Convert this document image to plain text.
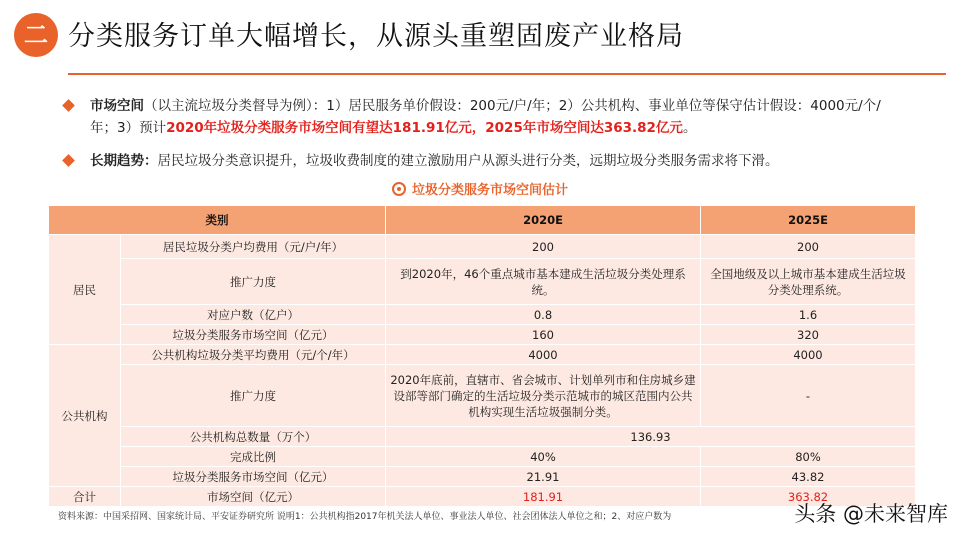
二 分类服务订单大幅增长，从源头重塑固废产业格局
市场空间（以主流垃圾分类督导为例）：1）居民服务单价假设：200元/户/年；2）公共机构、事业单位等保守估计假设：4000元/个/年；3）预计2020年垃圾分类服务市场空间有望达181.91亿元，2025年市场空间达363.82亿元。
长期趋势：居民垃圾分类意识提升，垃圾收费制度的建立激励用户从源头进行分类，远期垃圾分类服务需求将下滑。
垃圾分类服务市场空间估计
类别		2020E	2025E
居民	居民垃圾分类户均费用（元/户/年）	200	200
	推广力度	到2020年，46个重点城市基本建成生活垃圾分类处理系统。	全国地级及以上城市基本建成生活垃圾分类处理系统。
	对应户数（亿户）	0.8	1.6
	垃圾分类服务市场空间（亿元）	160	320
公共机构	公共机构垃圾分类平均费用（元/个/年）	4000	4000
	推广力度	2020年底前，直辖市、省会城市、计划单列市和住房城乡建设部等部门确定的生活垃圾分类示范城市的城区范围内公共机构实现生活垃圾强制分类。	-
	公共机构总数量（万个）	136.93	
	完成比例	40%	80%
	垃圾分类服务市场空间（亿元）	21.91	43.82
合计	市场空间（亿元）	181.91	363.82
资料来源：中国采招网、国家统计局、平安证券研究所 说明1：公共机构指2017年机关法人单位、事业法人单位、社会团体法人单位之和；2、对应户数为	头条 @未来智库
